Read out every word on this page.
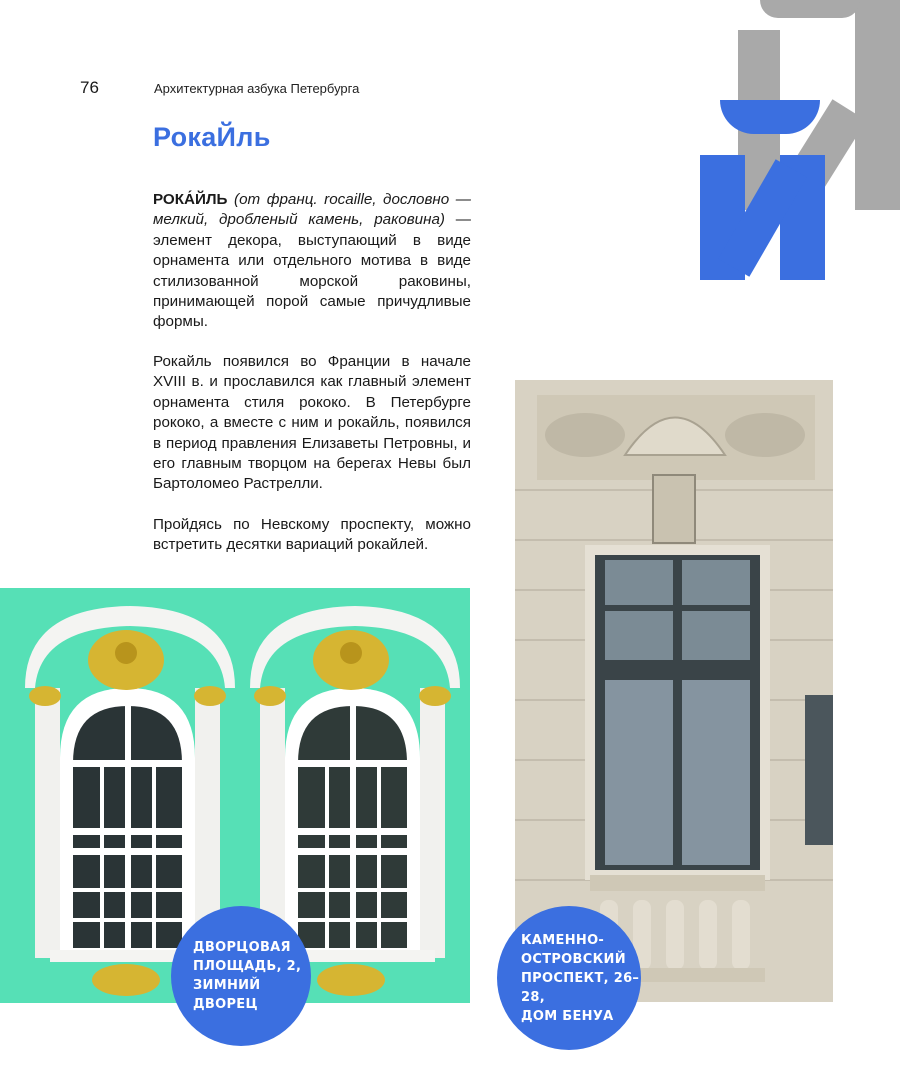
76	Архитектурная азбука Петербурга
РокаЙль

РОКА́ЙЛЬ (от франц. rocaille, дословно — мелкий, дробленый камень, раковина) — элемент декора, выступающий в виде орнамента или отдельного мотива в виде стилизованной морской раковины, принимающей порой самые причудливые формы.

Рокайль появился во Франции в начале XVIII в. и прославился как главный элемент орнамента стиля рококо. В Петербурге рококо, а вместе с ним и рокайль, появился в период правления Елизаветы Петровны, и его главным творцом на берегах Невы был Бартоломео Растрелли.

Пройдясь по Невскому проспекту, можно встретить десятки вариаций рокайлей.

ДВОРЦОВАЯ
ПЛОЩАДЬ, 2,
ЗИМНИЙ ДВОРЕЦ
КАМЕННО-
ОСТРОВСКИЙ
ПРОСПЕКТ, 26–28,
ДОМ БЕНУА
